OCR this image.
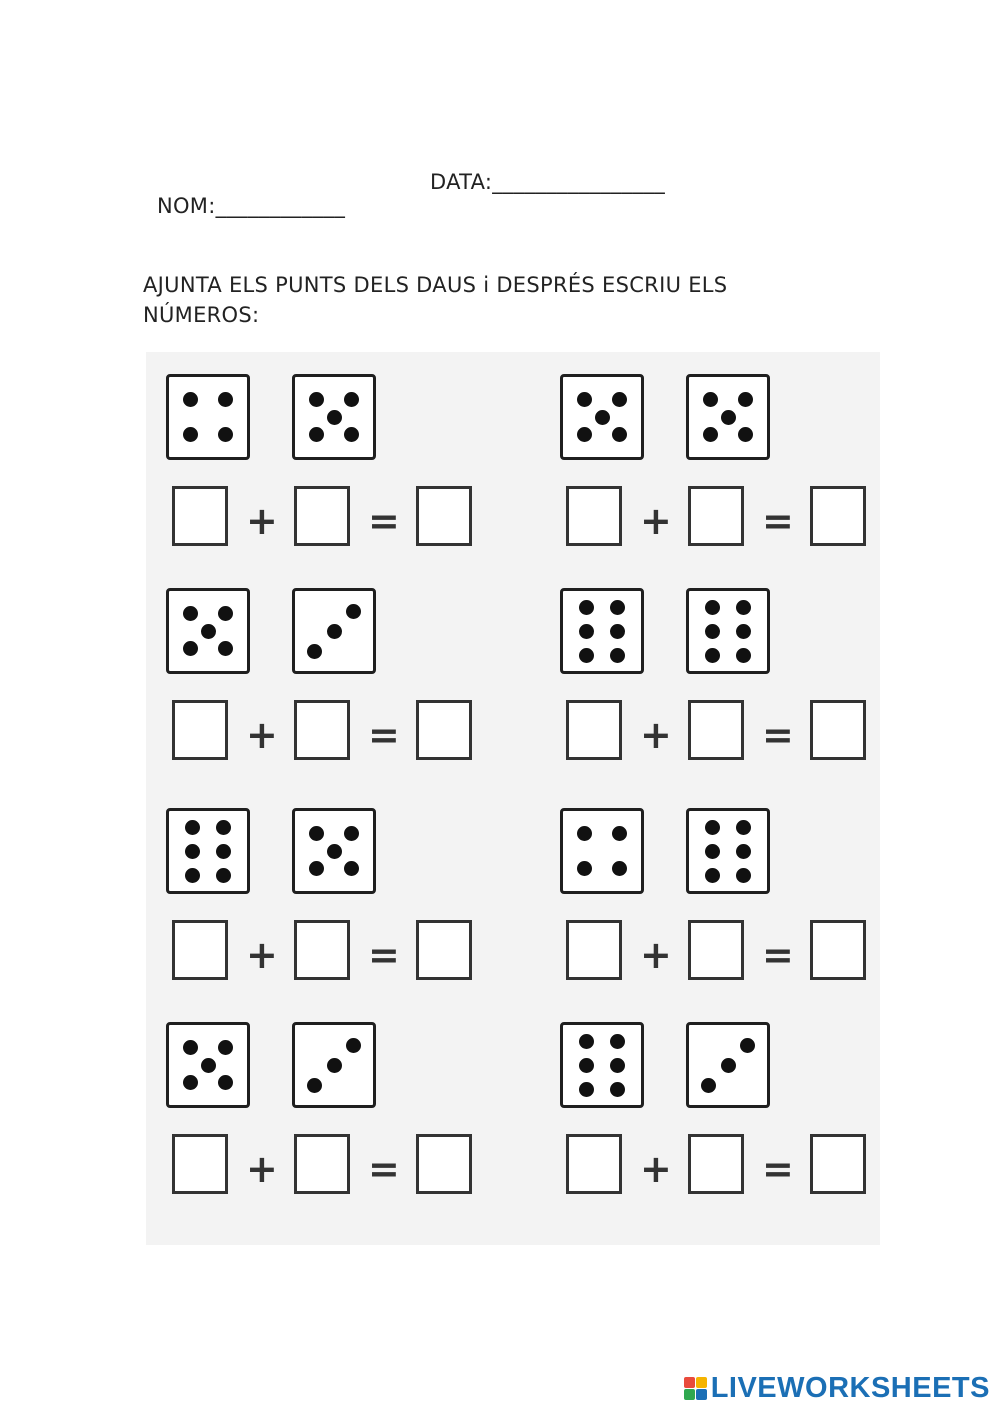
NOM:____________

DATA:________________

AJUNTA ELS PUNTS DELS DAUS i DESPRÉS ESCRIU ELS NÚMEROS:
+ =	+ =
+ =	+ =
+ =	+ =
+ =	+ =
LIVEWORKSHEETS
